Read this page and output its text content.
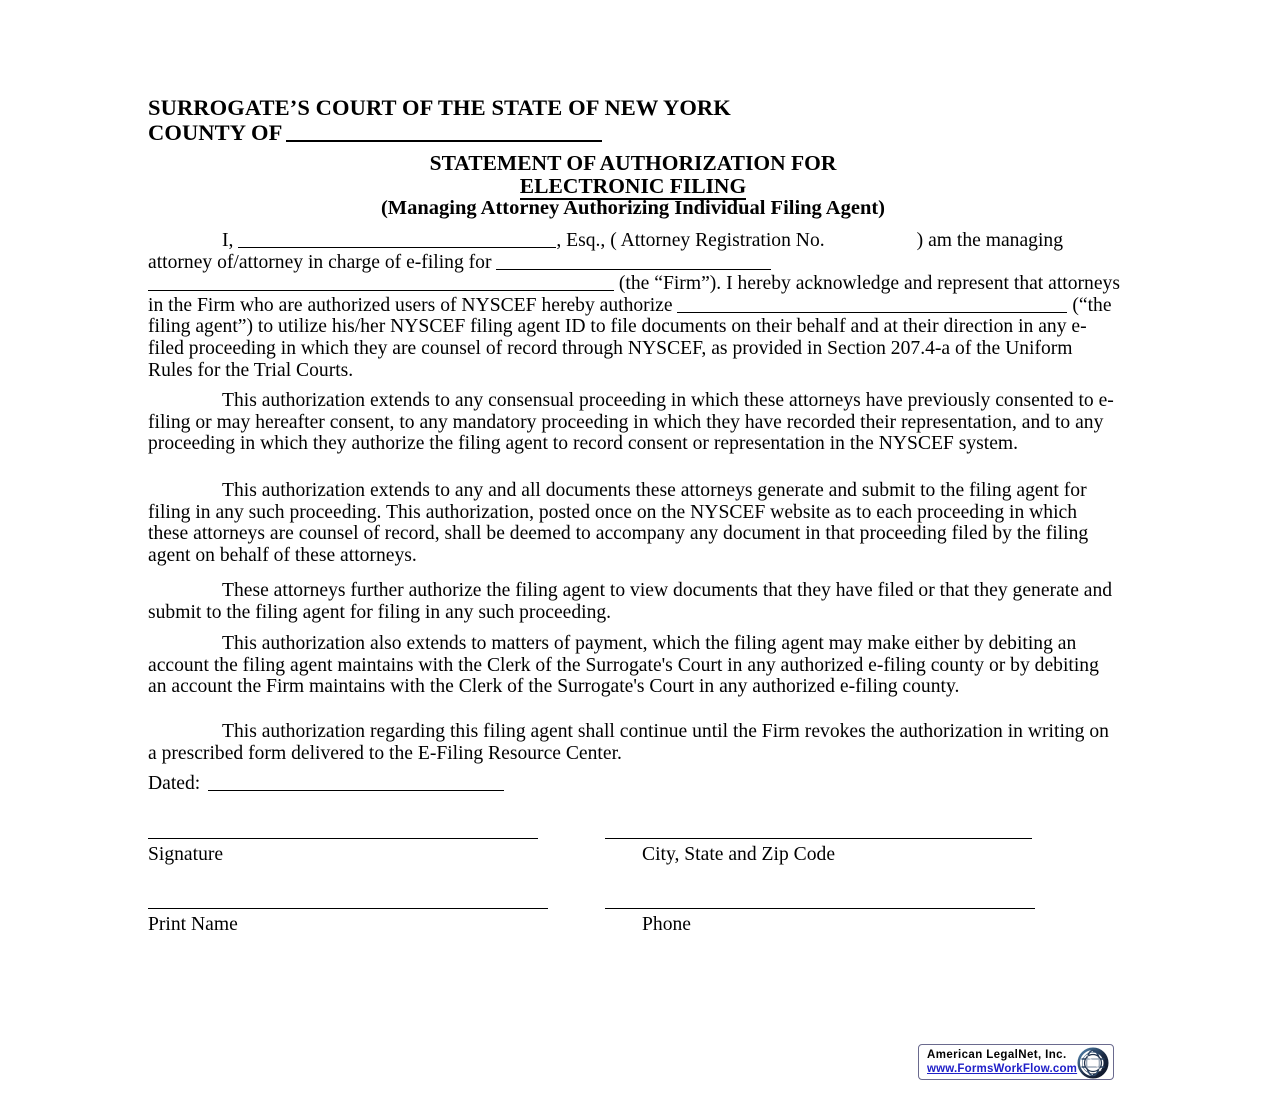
SURROGATE’S COURT OF THE STATE OF NEW YORK
COUNTY OF
STATEMENT OF AUTHORIZATION FOR
ELECTRONIC FILING
(Managing Attorney Authorizing Individual Filing Agent)

I,	, Esq., ( Attorney Registration No.	) am the managing attorney of/attorney in charge of e-filing for
(the “Firm”). I hereby acknowledge and represent that attorneys in the Firm who are authorized users of NYSCEF hereby authorize	(“the filing agent”) to utilize his/her NYSCEF filing agent ID to file documents on their behalf and at their direction in any e-filed proceeding in which they are counsel of record through NYSCEF, as provided in Section 207.4-a of the Uniform Rules for the Trial Courts.

This authorization extends to any consensual proceeding in which these attorneys have previously consented to e-filing or may hereafter consent, to any mandatory proceeding in which they have recorded their representation, and to any proceeding in which they authorize the filing agent to record consent or representation in the NYSCEF system.

This authorization extends to any and all documents these attorneys generate and submit to the filing agent for filing in any such proceeding. This authorization, posted once on the NYSCEF website as to each proceeding in which these attorneys are counsel of record, shall be deemed to accompany any document in that proceeding filed by the filing agent on behalf of these attorneys.

These attorneys further authorize the filing agent to view documents that they have filed or that they generate and submit to the filing agent for filing in any such proceeding.

This authorization also extends to matters of payment, which the filing agent may make either by debiting an account the filing agent maintains with the Clerk of the Surrogate's Court in any authorized e-filing county or by debiting an account the Firm maintains with the Clerk of the Surrogate's Court in any authorized e-filing county.

This authorization regarding this filing agent shall continue until the Firm revokes the authorization in writing on a prescribed form delivered to the E-Filing Resource Center.

Dated:
Signature	City, State and Zip Code
Print Name	Phone
American LegalNet, Inc.
www.FormsWorkFlow.com
